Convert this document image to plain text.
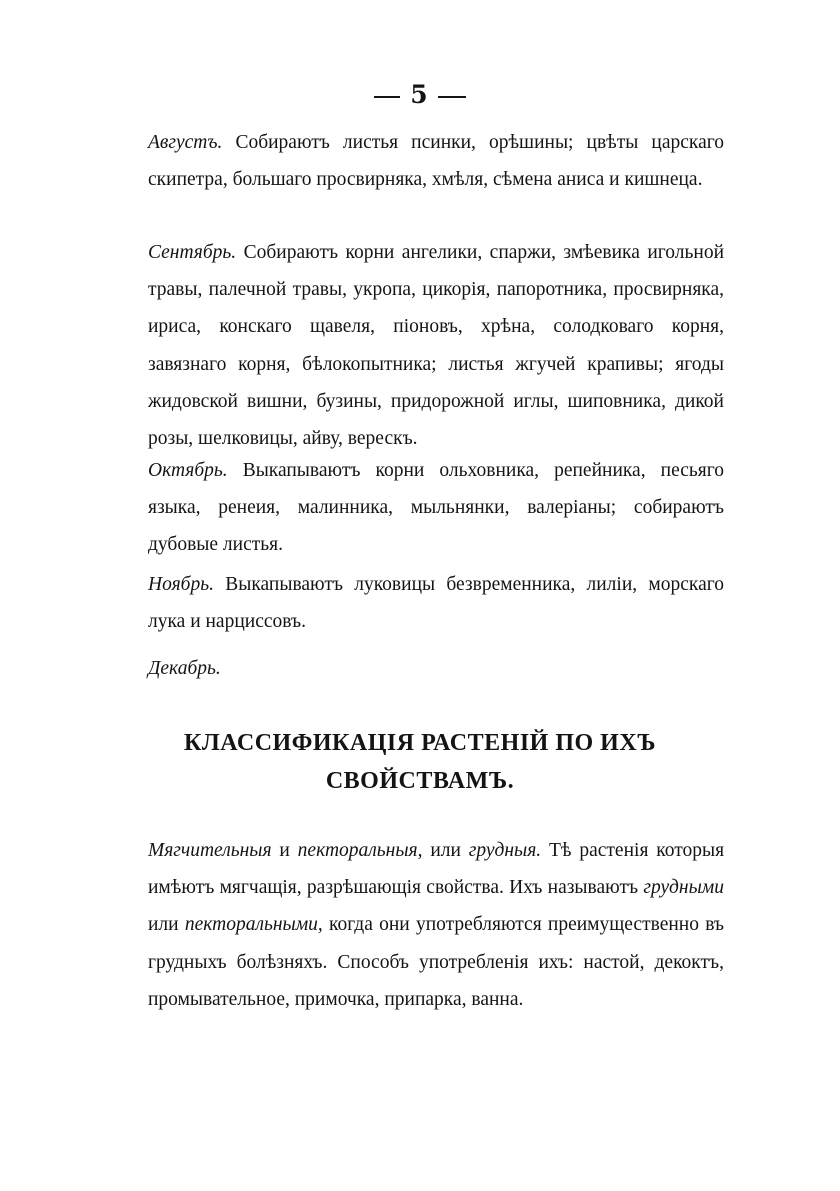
5
Августъ. Собираютъ листья псинки, орѣшины; цвѣты царскаго скипетра, большаго просвирняка, хмѣля, сѣмена аниса и кишнеца.
Сентябрь. Собираютъ корни ангелики, спаржи, змѣевика игольной травы, палечной травы, укропа, цикорія, папоротника, просвирняка, ириса, конскаго щавеля, піоновъ, хрѣна, солодковаго корня, завязнаго корня, бѣлокопытника; листья жгучей крапивы; ягоды жидовской вишни, бузины, придорожной иглы, шиповника, дикой розы, шелковицы, айву, верескъ.
Октябрь. Выкапываютъ корни ольховника, репейника, песьяго языка, ренеия, малинника, мыльнянки, валеріаны; собираютъ дубовые листья.
Ноябрь. Выкапываютъ луковицы безвременника, лиліи, морскаго лука и нарциссовъ.
Декабрь.
КЛАССИФИКАЦІЯ РАСТЕНІЙ ПО ИХЪ
СВОЙСТВАМЪ.
Мягчительныя и пекторальныя, или грудныя. Тѣ растенія которыя имѣютъ мягчащія, разрѣшающія свойства. Ихъ называютъ грудными или пекторальными, когда они употребляются преимущественно въ грудныхъ болѣзняхъ. Способъ употребленія ихъ: настой, декоктъ, промывательное, примочка, припарка, ванна.
